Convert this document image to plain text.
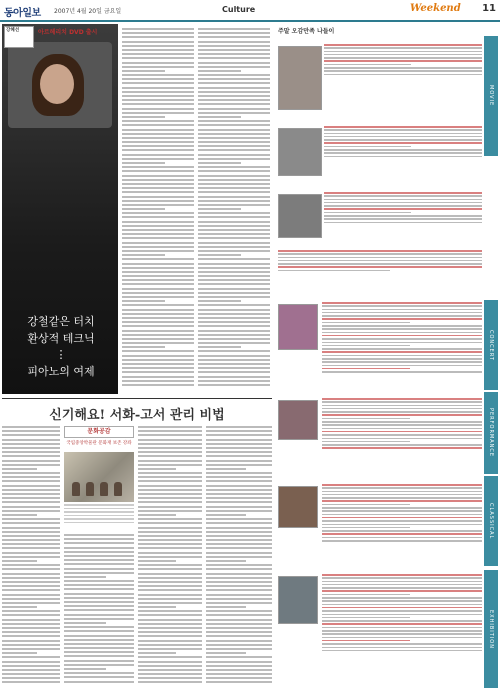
동아일보 2007년 4월 20일 금요일	Culture	Weekend 11
강혜선	아르헤리치 DVD 출시
강철같은 터치
환상적 테크닉
⋮
피아노의 여제
신기해요! 서화-고서 관리 비법
문화공감
국립중앙박물관 문화재 보존 강좌
주말 오감만족 나들이
MOVIE
CONCERT
PERFORMANCE
CLASSICAL
EXHIBITION
